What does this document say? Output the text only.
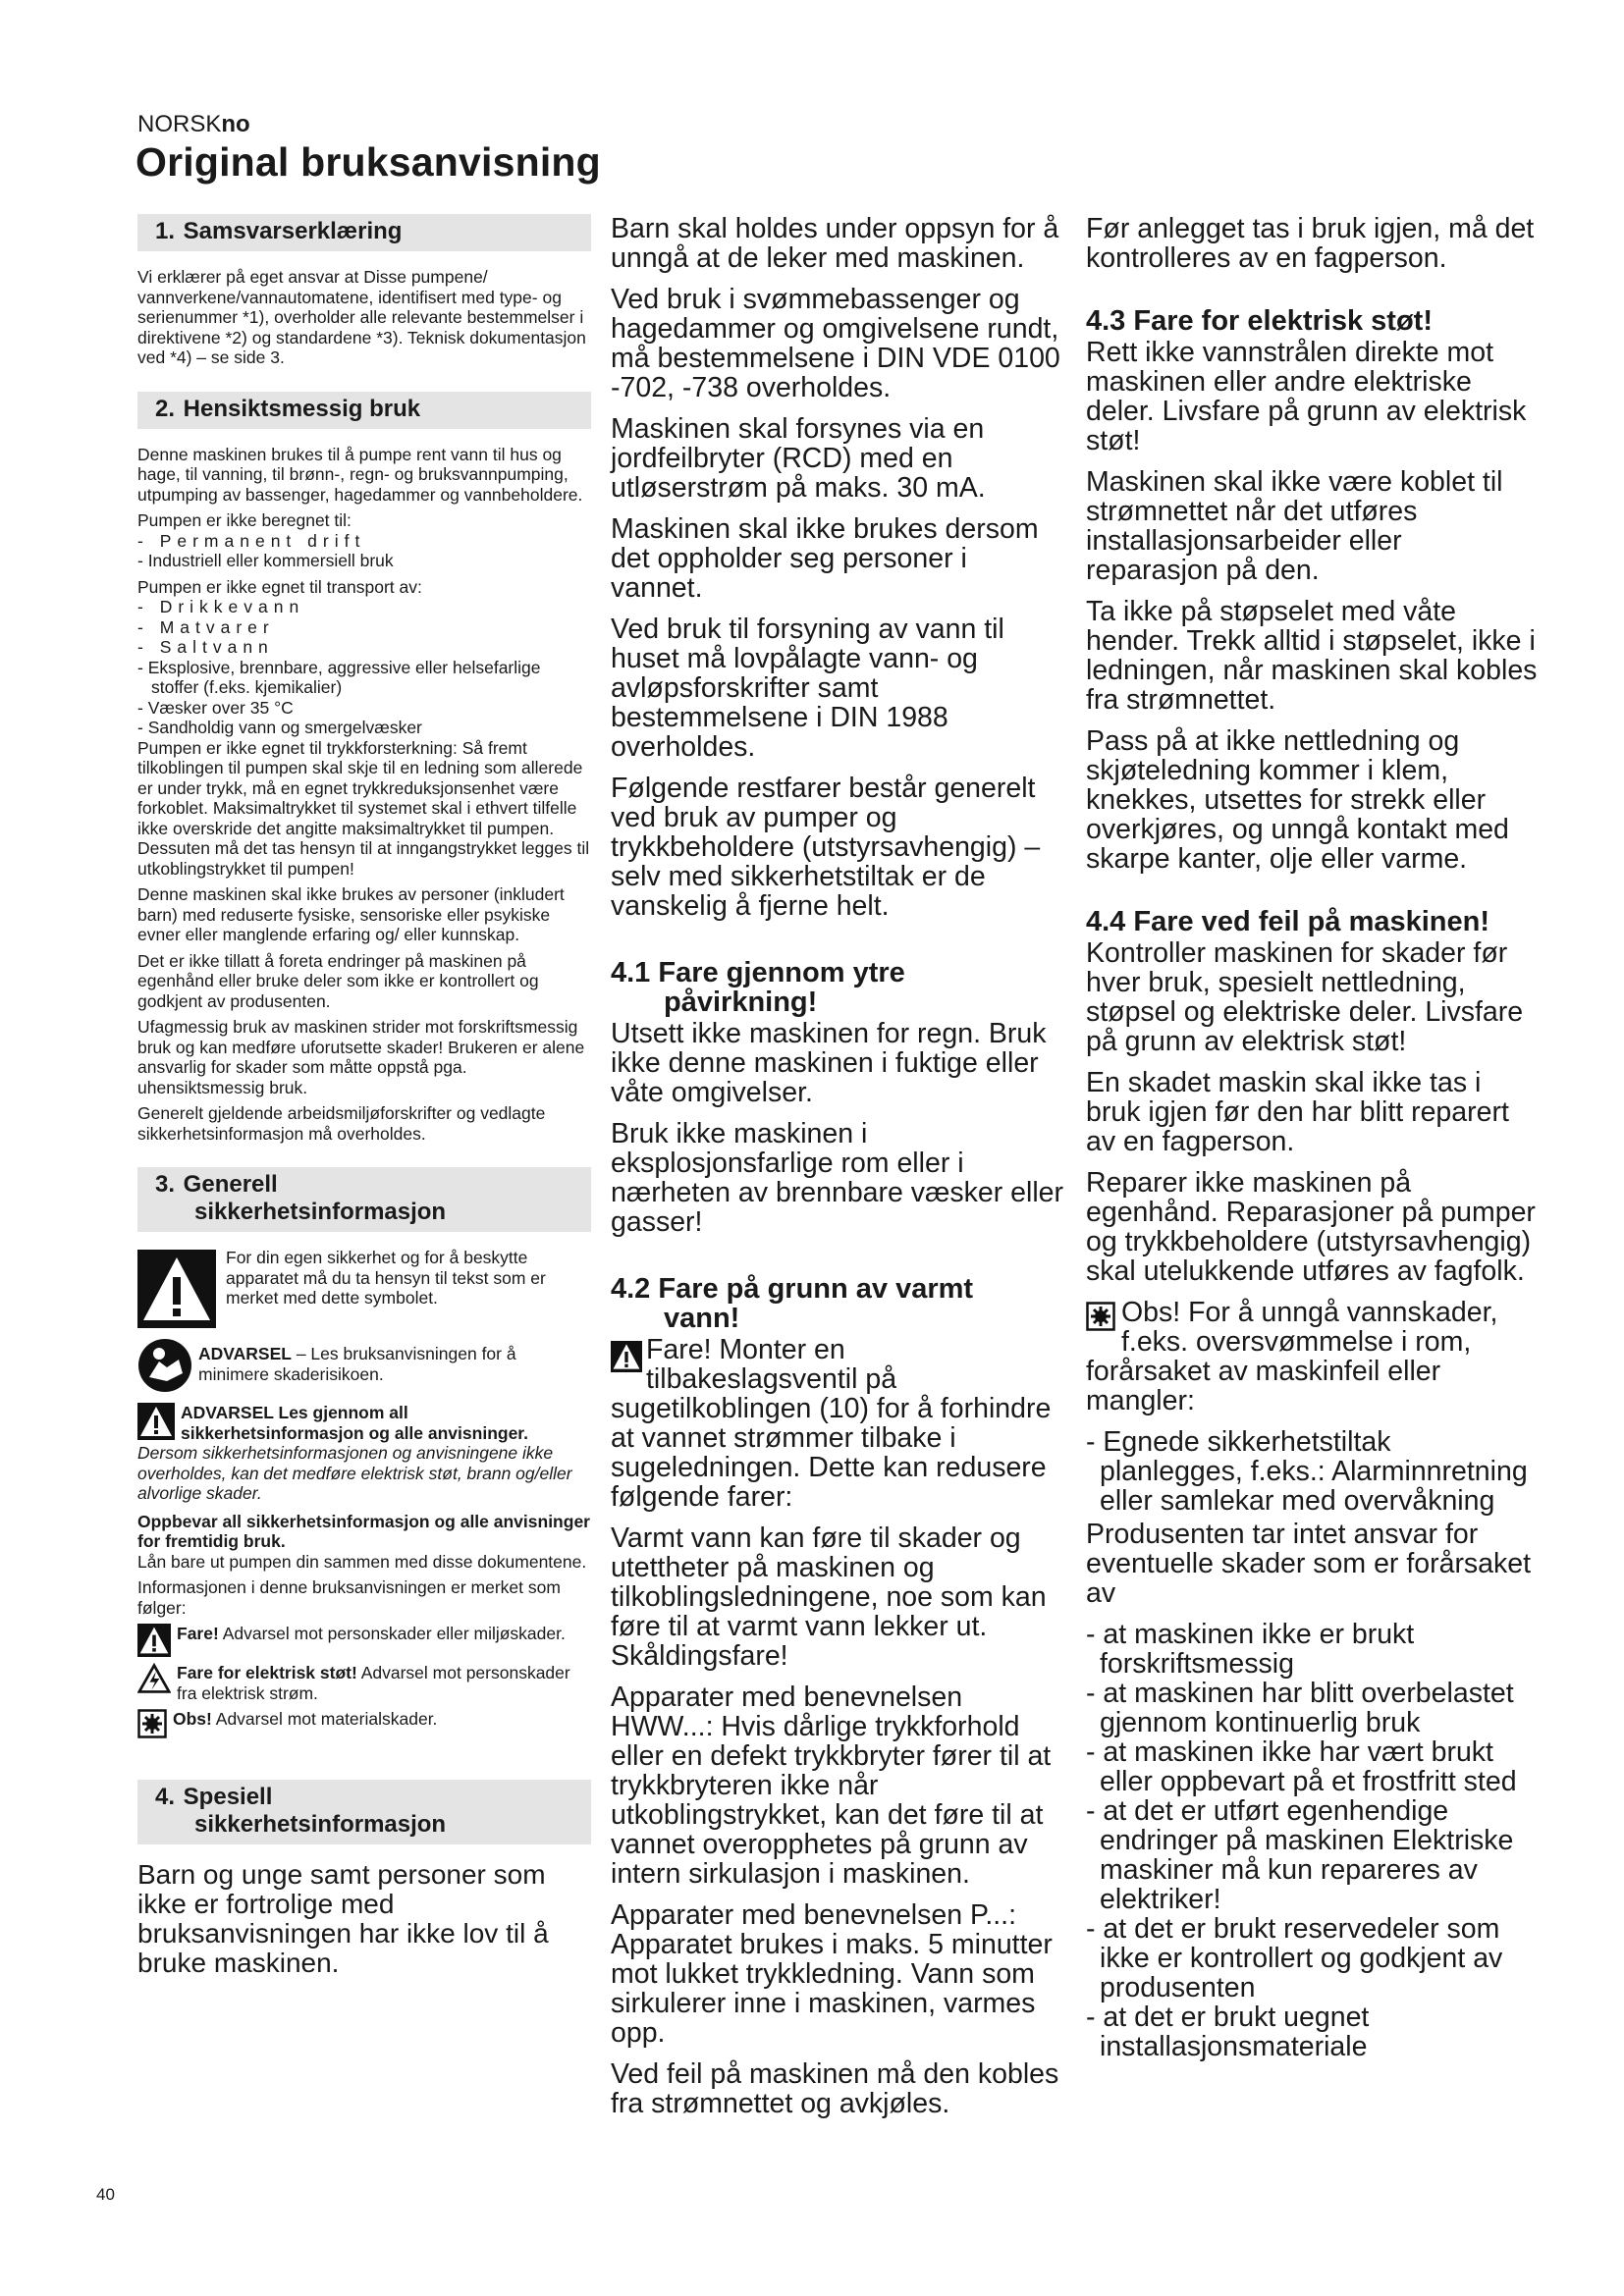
NORSKno
Original bruksanvisning
1. Samsvarserklæring

Vi erklærer på eget ansvar at Disse pumpene/ vannverkene/vannautomatene, identifisert med type- og serienummer *1), overholder alle relevante bestemmelser i direktivene *2) og standardene *3). Teknisk dokumentasjon ved *4) – se side 3.

2. Hensiktsmessig bruk

Denne maskinen brukes til å pumpe rent vann til hus og hage, til vanning, til brønn-, regn- og bruksvannpumping, utpumping av bassenger, hagedammer og vannbeholdere.

Pumpen er ikke beregnet til:

- Permanent drift
- Industriell eller kommersiell bruk

Pumpen er ikke egnet til transport av:

- Drikkevann
- Matvarer
- Saltvann
- Eksplosive, brennbare, aggressive eller helsefarlige stoffer (f.eks. kjemikalier)
- Væsker over 35 °C
- Sandholdig vann og smergelvæsker

Pumpen er ikke egnet til trykkforsterkning: Så fremt tilkoblingen til pumpen skal skje til en ledning som allerede er under trykk, må en egnet trykkreduksjonsenhet være forkoblet. Maksimaltrykket til systemet skal i ethvert tilfelle ikke overskride det angitte maksimaltrykket til pumpen. Dessuten må det tas hensyn til at inngangstrykket legges til utkoblingstrykket til pumpen!

Denne maskinen skal ikke brukes av personer (inkludert barn) med reduserte fysiske, sensoriske eller psykiske evner eller manglende erfaring og/ eller kunnskap.

Det er ikke tillatt å foreta endringer på maskinen på egenhånd eller bruke deler som ikke er kontrollert og godkjent av produsenten.

Ufagmessig bruk av maskinen strider mot forskriftsmessig bruk og kan medføre uforutsette skader! Brukeren er alene ansvarlig for skader som måtte oppstå pga. uhensiktsmessig bruk.

Generelt gjeldende arbeidsmiljøforskrifter og vedlagte sikkerhetsinformasjon må overholdes.

3. Generell
sikkerhetsinformasjon

For din egen sikkerhet og for å beskytte apparatet må du ta hensyn til tekst som er merket med dette symbolet.

ADVARSEL – Les bruksanvisningen for å minimere skaderisikoen.

ADVARSEL Les gjennom all sikkerhetsinformasjon og alle anvisninger. Dersom sikkerhetsinformasjonen og anvisningene ikke overholdes, kan det medføre elektrisk støt, brann og/eller alvorlige skader.

Oppbevar all sikkerhetsinformasjon og alle anvisninger for fremtidig bruk.

Lån bare ut pumpen din sammen med disse dokumentene.

Informasjonen i denne bruksanvisningen er merket som følger:

Fare! Advarsel mot personskader eller miljøskader.
Fare for elektrisk støt! Advarsel mot personskader fra elektrisk strøm.
Obs! Advarsel mot materialskader.
4. Spesiell
sikkerhetsinformasjon

Barn og unge samt personer som ikke er fortrolige med bruksanvisningen har ikke lov til å bruke maskinen.

Barn skal holdes under oppsyn for å unngå at de leker med maskinen.

Ved bruk i svømmebassenger og hagedammer og omgivelsene rundt, må bestemmelsene i DIN VDE 0100 -702, -738 overholdes.

Maskinen skal forsynes via en jordfeilbryter (RCD) med en utløserstrøm på maks. 30 mA.

Maskinen skal ikke brukes dersom det oppholder seg personer i vannet.

Ved bruk til forsyning av vann til huset må lovpålagte vann- og avløpsforskrifter samt bestemmelsene i DIN 1988 overholdes.

Følgende restfarer består generelt ved bruk av pumper og trykkbeholdere (utstyrsavhengig) – selv med sikkerhetstiltak er de vanskelig å fjerne helt.

4.1 Fare gjennom ytre
påvirkning!

Utsett ikke maskinen for regn. Bruk ikke denne maskinen i fuktige eller våte omgivelser.

Bruk ikke maskinen i eksplosjonsfarlige rom eller i nærheten av brennbare væsker eller gasser!

4.2 Fare på grunn av varmt
vann!

Fare! Monter en tilbakeslagsventil på sugetilkoblingen (10) for å forhindre at vannet strømmer tilbake i sugeledningen. Dette kan redusere følgende farer:

Varmt vann kan føre til skader og utettheter på maskinen og tilkoblingsledningene, noe som kan føre til at varmt vann lekker ut. Skåldingsfare!

Apparater med benevnelsen HWW...: Hvis dårlige trykkforhold eller en defekt trykkbryter fører til at trykkbryteren ikke når utkoblingstrykket, kan det føre til at vannet overopphetes på grunn av intern sirkulasjon i maskinen.

Apparater med benevnelsen P...: Apparatet brukes i maks. 5 minutter mot lukket trykkledning. Vann som sirkulerer inne i maskinen, varmes opp.

Ved feil på maskinen må den kobles fra strømnettet og avkjøles.

Før anlegget tas i bruk igjen, må det kontrolleres av en fagperson.

4.3 Fare for elektrisk støt!

Rett ikke vannstrålen direkte mot maskinen eller andre elektriske deler. Livsfare på grunn av elektrisk støt!

Maskinen skal ikke være koblet til strømnettet når det utføres installasjonsarbeider eller reparasjon på den.

Ta ikke på støpselet med våte hender. Trekk alltid i støpselet, ikke i ledningen, når maskinen skal kobles fra strømnettet.

Pass på at ikke nettledning og skjøteledning kommer i klem, knekkes, utsettes for strekk eller overkjøres, og unngå kontakt med skarpe kanter, olje eller varme.

4.4 Fare ved feil på maskinen!

Kontroller maskinen for skader før hver bruk, spesielt nettledning, støpsel og elektriske deler. Livsfare på grunn av elektrisk støt!

En skadet maskin skal ikke tas i bruk igjen før den har blitt reparert av en fagperson.

Reparer ikke maskinen på egenhånd. Reparasjoner på pumper og trykkbeholdere (utstyrsavhengig) skal utelukkende utføres av fagfolk.

Obs! For å unngå vannskader, f.eks. oversvømmelse i rom, forårsaket av maskinfeil eller mangler:

- Egnede sikkerhetstiltak planlegges, f.eks.: Alarminnretning eller samlekar med overvåkning

Produsenten tar intet ansvar for eventuelle skader som er forårsaket av

- at maskinen ikke er brukt forskriftsmessig
- at maskinen har blitt overbelastet gjennom kontinuerlig bruk
- at maskinen ikke har vært brukt eller oppbevart på et frostfritt sted
- at det er utført egenhendige endringer på maskinen Elektriske maskiner må kun repareres av elektriker!
- at det er brukt reservedeler som ikke er kontrollert og godkjent av produsenten
- at det er brukt uegnet installasjonsmateriale
40
